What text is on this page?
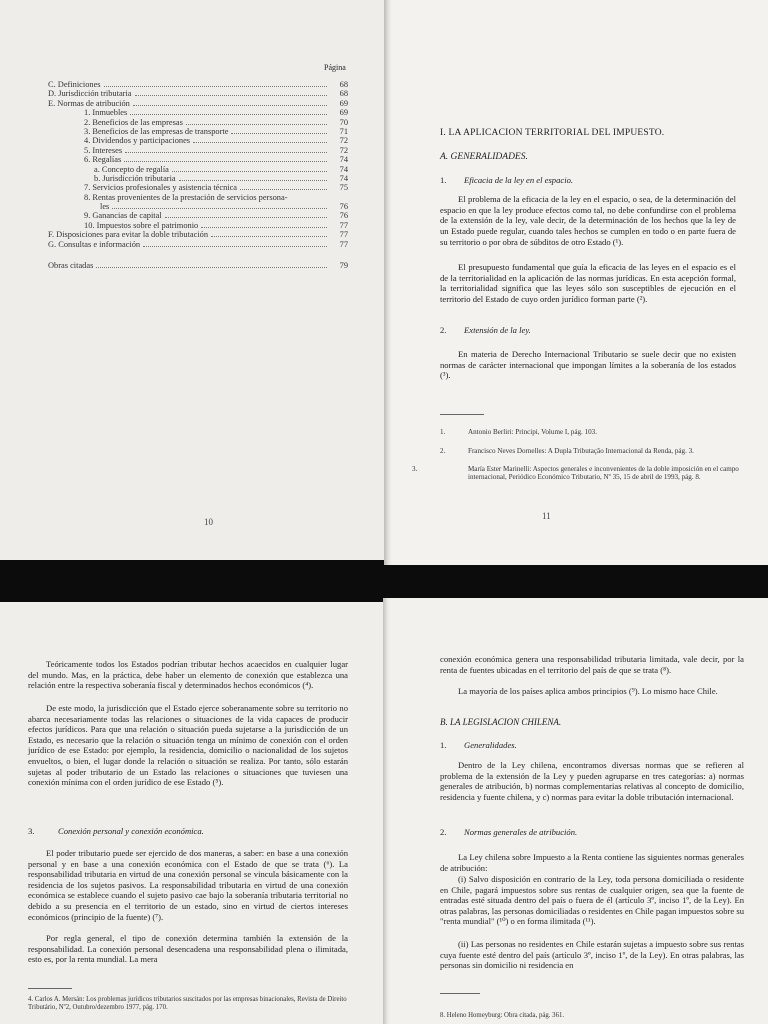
Página
C. Definiciones	68
D. Jurisdicción tributaria	68
E. Normas de atribución	69
1. Inmuebles	69
2. Beneficios de las empresas	70
3. Beneficios de las empresas de transporte	71
4. Dividendos y participaciones	72
5. Intereses	72
6. Regalías	74
a. Concepto de regalía	74
b. Jurisdicción tributaria	74
7. Servicios profesionales y asistencia técnica	75
8. Rentas provenientes de la prestación de servicios persona-
les	76
9. Ganancias de capital	76
10. Impuestos sobre el patrimonio	77
F. Disposiciones para evitar la doble tributación	77
G. Consultas e información	77
Obras citadas	79
10
I. LA APLICACION TERRITORIAL DEL IMPUESTO.
A. GENERALIDADES.
1. Eficacia de la ley en el espacio.

El problema de la eficacia de la ley en el espacio, o sea, de la determinación del espacio en que la ley produce efectos como tal, no debe confundirse con el problema de la extensión de la ley, vale decir, de la determinación de los hechos que la ley de un Estado puede regular, cuando tales hechos se cumplen en todo o en parte fuera de su territorio o por obra de súbditos de otro Estado (¹).

El presupuesto fundamental que guía la eficacia de las leyes en el espacio es el de la territorialidad en la aplicación de las normas jurídicas. En esta acepción formal, la territorialidad significa que las leyes sólo son susceptibles de ejecución en el territorio del Estado de cuyo orden jurídico forman parte (²).

2. Extensión de la ley.

En materia de Derecho Internacional Tributario se suele decir que no existen normas de carácter internacional que impongan límites a la soberanía de los estados (³).

1.	Antonio Berliri: Principi, Volume I, pág. 103.
2.	Francisco Neves Dornelles: A Dupla Tributação Internacional da Renda, pág. 3.
3.	María Ester Marinelli: Aspectos generales e inconvenientes de la doble imposición en el campo internacional, Periódico Económico Tributario, Nº 35, 15 de abril de 1993, pág. 8.
11

Teóricamente todos los Estados podrían tributar hechos acaecidos en cualquier lugar del mundo. Mas, en la práctica, debe haber un elemento de conexión que establezca una relación entre la respectiva soberanía fiscal y determinados hechos económicos (⁴).

De este modo, la jurisdicción que el Estado ejerce soberanamente sobre su territorio no abarca necesariamente todas las relaciones o situaciones de la vida capaces de producir efectos jurídicos. Para que una relación o situación pueda sujetarse a la jurisdicción de un Estado, es necesario que la relación o situación tenga un mínimo de conexión con el orden jurídico de ese Estado: por ejemplo, la residencia, domicilio o nacionalidad de los sujetos envueltos, o bien, el lugar donde la relación o situación se realiza. Por tanto, sólo estarán sujetas al poder tributario de un Estado las relaciones o situaciones que tuviesen una conexión mínima con el orden jurídico de ese Estado (⁵).

3.	Conexión personal y conexión económica.

El poder tributario puede ser ejercido de dos maneras, a saber: en base a una conexión personal y en base a una conexión económica con el Estado de que se trata (⁶). La responsabilidad tributaria en virtud de una conexión personal se vincula básicamente con la residencia de los sujetos pasivos. La responsabilidad tributaria en virtud de una conexión económica se establece cuando el sujeto pasivo cae bajo la soberanía tributaria territorial no debido a su presencia en el territorio de un estado, sino en virtud de ciertos intereses económicos (principio de la fuente) (⁷).

Por regla general, el tipo de conexión determina también la extensión de la responsabilidad. La conexión personal desencadena una responsabilidad plena o ilimitada, esto es, por la renta mundial. La mera

4. Carlos A. Mersán: Los problemas jurídicos tributarios suscitados por las empresas binacionales, Revista de Direito Tributário, Nº2, Outubro/dezembro 1977, pág. 170.

conexión económica genera una responsabilidad tributaria limitada, vale decir, por la renta de fuentes ubicadas en el territorio del país de que se trata (⁸).

La mayoría de los países aplica ambos principios (⁹). Lo mismo hace Chile.

B. LA LEGISLACION CHILENA.
1. Generalidades.

Dentro de la Ley chilena, encontramos diversas normas que se refieren al problema de la extensión de la Ley y pueden agruparse en tres categorías: a) normas generales de atribución, b) normas complementarias relativas al concepto de domicilio, residencia y fuente chilena, y c) normas para evitar la doble tributación internacional.

2. Normas generales de atribución.

La Ley chilena sobre Impuesto a la Renta contiene las siguientes normas generales de atribución:

(i) Salvo disposición en contrario de la Ley, toda persona domiciliada o residente en Chile, pagará impuestos sobre sus rentas de cualquier origen, sea que la fuente de entradas esté situada dentro del país o fuera de él (artículo 3º, inciso 1º, de la Ley). En otras palabras, las personas domiciliadas o residentes en Chile pagan impuestos sobre su "renta mundial" (¹⁰) o en forma ilimitada (¹¹).

(ii) Las personas no residentes en Chile estarán sujetas a impuesto sobre sus rentas cuya fuente esté dentro del país (artículo 3º, inciso 1º, de la Ley). En otras palabras, las personas sin domicilio ni residencia en

8. Heleno Homeyburg: Obra citada, pág. 361.
